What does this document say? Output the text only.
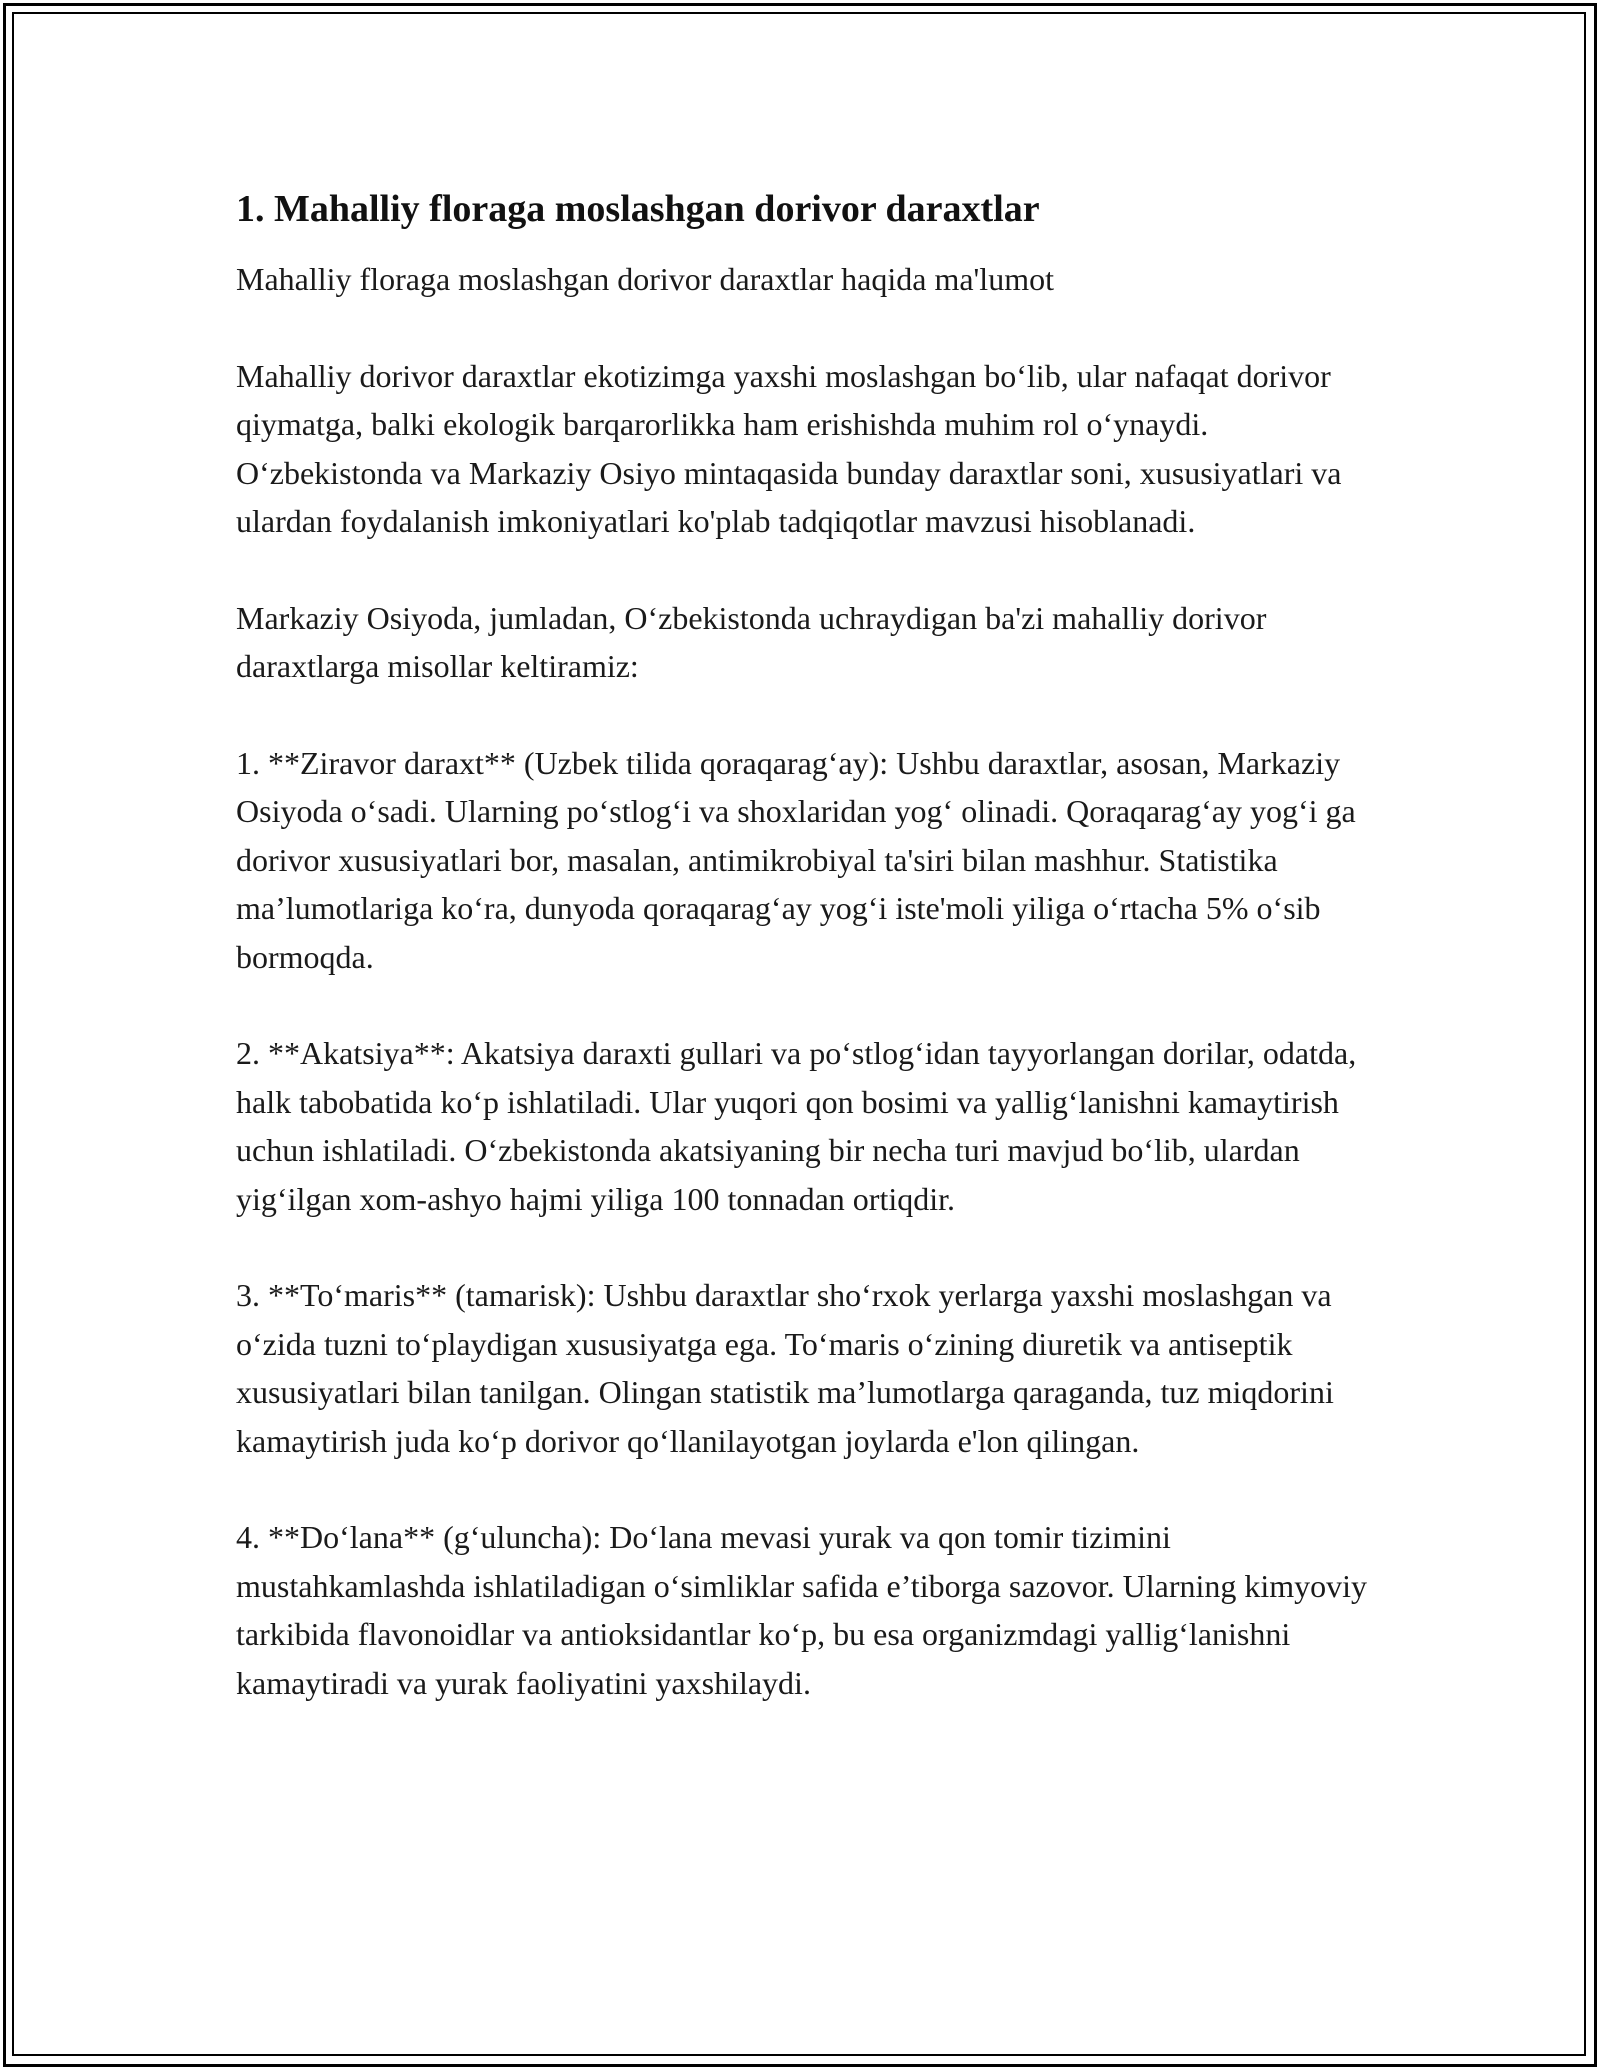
1. Mahalliy floraga moslashgan dorivor daraxtlar

Mahalliy floraga moslashgan dorivor daraxtlar haqida ma'lumot

Mahalliy dorivor daraxtlar ekotizimga yaxshi moslashgan bo‘lib, ular nafaqat dorivor qiymatga, balki ekologik barqarorlikka ham erishishda muhim rol o‘ynaydi. O‘zbekistonda va Markaziy Osiyo mintaqasida bunday daraxtlar soni, xususiyatlari va ulardan foydalanish imkoniyatlari ko'plab tadqiqotlar mavzusi hisoblanadi.

Markaziy Osiyoda, jumladan, O‘zbekistonda uchraydigan ba'zi mahalliy dorivor daraxtlarga misollar keltiramiz:

1. **Ziravor daraxt** (Uzbek tilida qoraqarag‘ay): Ushbu daraxtlar, asosan, Markaziy Osiyoda o‘sadi. Ularning po‘stlog‘i va shoxlaridan yog‘ olinadi. Qoraqarag‘ay yog‘i ga dorivor xususiyatlari bor, masalan, antimikrobiyal ta'siri bilan mashhur. Statistika ma’lumotlariga ko‘ra, dunyoda qoraqarag‘ay yog‘i iste'moli yiliga o‘rtacha 5% o‘sib bormoqda.

2. **Akatsiya**: Akatsiya daraxti gullari va po‘stlog‘idan tayyorlangan dorilar, odatda, halk tabobatida ko‘p ishlatiladi. Ular yuqori qon bosimi va yallig‘lanishni kamaytirish uchun ishlatiladi. O‘zbekistonda akatsiyaning bir necha turi mavjud bo‘lib, ulardan yig‘ilgan xom-ashyo hajmi yiliga 100 tonnadan ortiqdir.

3. **To‘maris** (tamarisk): Ushbu daraxtlar sho‘rxok yerlarga yaxshi moslashgan va o‘zida tuzni to‘playdigan xususiyatga ega. To‘maris o‘zining diuretik va antiseptik xususiyatlari bilan tanilgan. Olingan statistik ma’lumotlarga qaraganda, tuz miqdorini kamaytirish juda ko‘p dorivor qo‘llanilayotgan joylarda e'lon qilingan.

4. **Do‘lana** (g‘uluncha): Do‘lana mevasi yurak va qon tomir tizimini mustahkamlashda ishlatiladigan o‘simliklar safida e’tiborga sazovor. Ularning kimyoviy tarkibida flavonoidlar va antioksidantlar ko‘p, bu esa organizmdagi yallig‘lanishni kamaytiradi va yurak faoliyatini yaxshilaydi.
